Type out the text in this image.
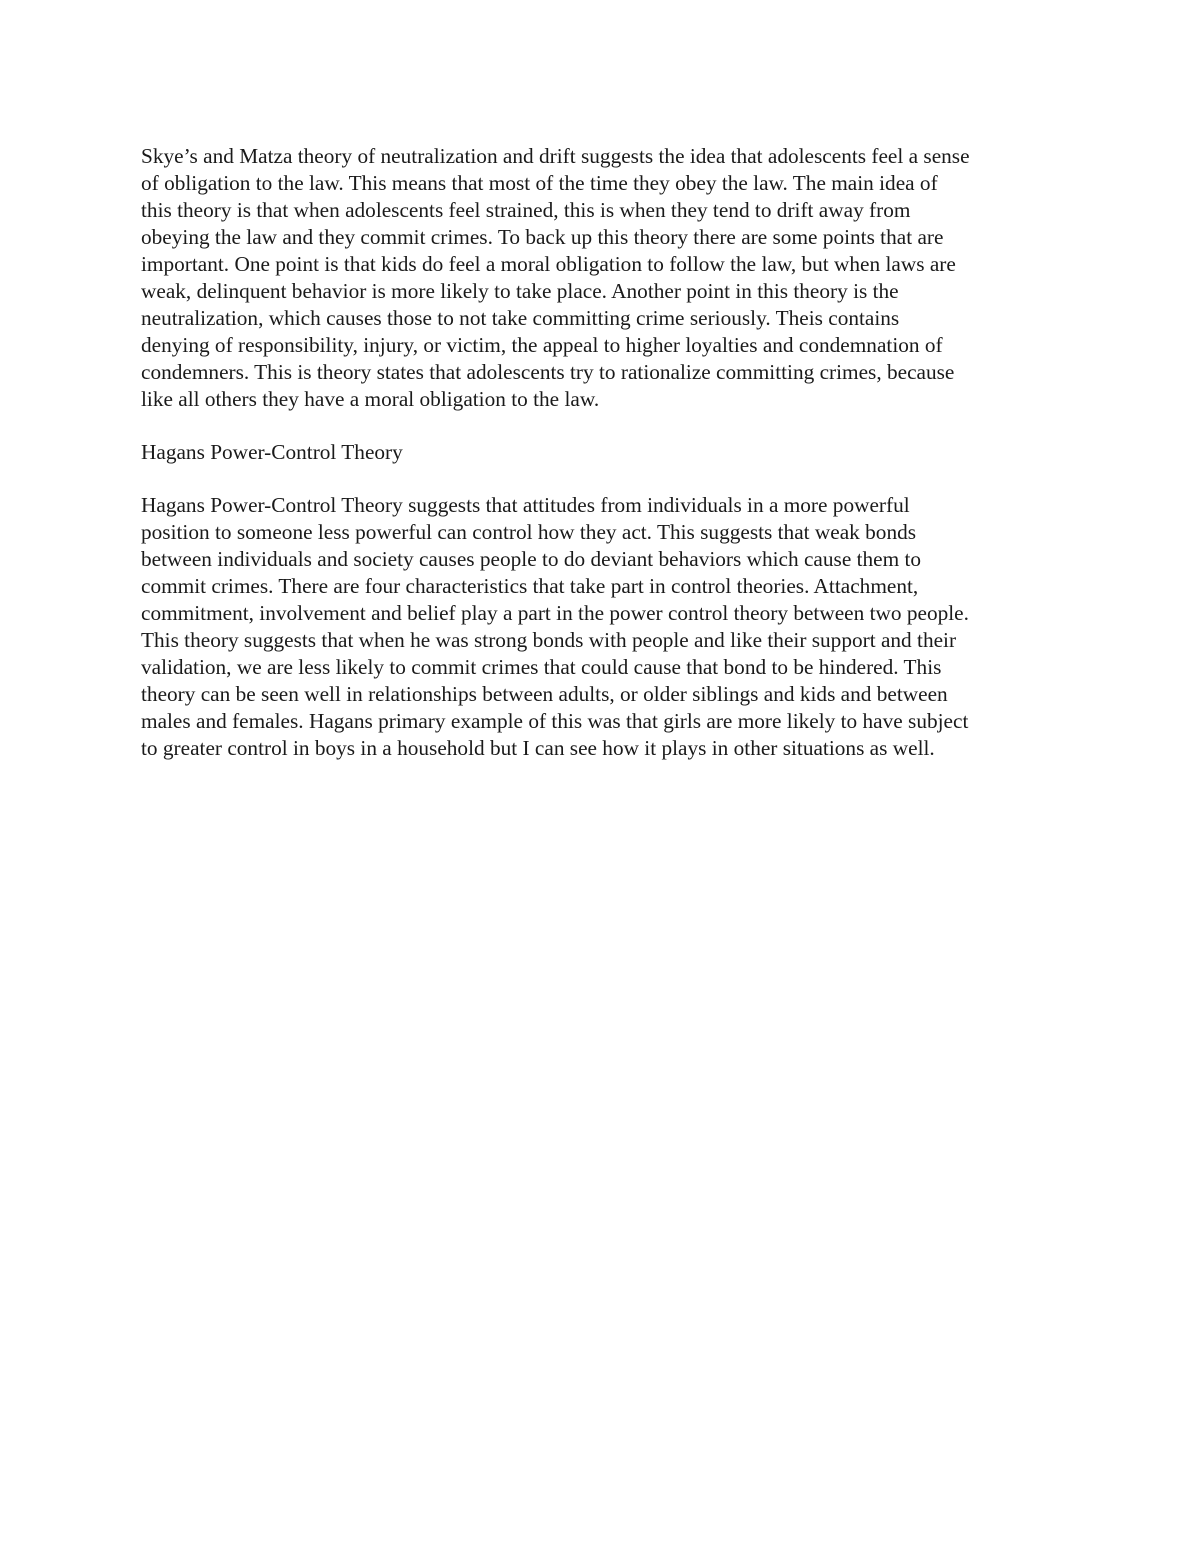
Skye’s and Matza theory of neutralization and drift suggests the idea that adolescents feel a sense
of obligation to the law. This means that most of the time they obey the law. The main idea of
this theory is that when adolescents feel strained, this is when they tend to drift away from
obeying the law and they commit crimes. To back up this theory there are some points that are
important. One point is that kids do feel a moral obligation to follow the law, but when laws are
weak, delinquent behavior is more likely to take place. Another point in this theory is the
neutralization, which causes those to not take committing crime seriously. Theis contains
denying of responsibility, injury, or victim, the appeal to higher loyalties and condemnation of
condemners. This is theory states that adolescents try to rationalize committing crimes, because
like all others they have a moral obligation to the law.
Hagans Power-Control Theory
Hagans Power-Control Theory suggests that attitudes from individuals in a more powerful
position to someone less powerful can control how they act. This suggests that weak bonds
between individuals and society causes people to do deviant behaviors which cause them to
commit crimes. There are four characteristics that take part in control theories. Attachment,
commitment, involvement and belief play a part in the power control theory between two people.
This theory suggests that when he was strong bonds with people and like their support and their
validation, we are less likely to commit crimes that could cause that bond to be hindered. This
theory can be seen well in relationships between adults, or older siblings and kids and between
males and females. Hagans primary example of this was that girls are more likely to have subject
to greater control in boys in a household but I can see how it plays in other situations as well.
